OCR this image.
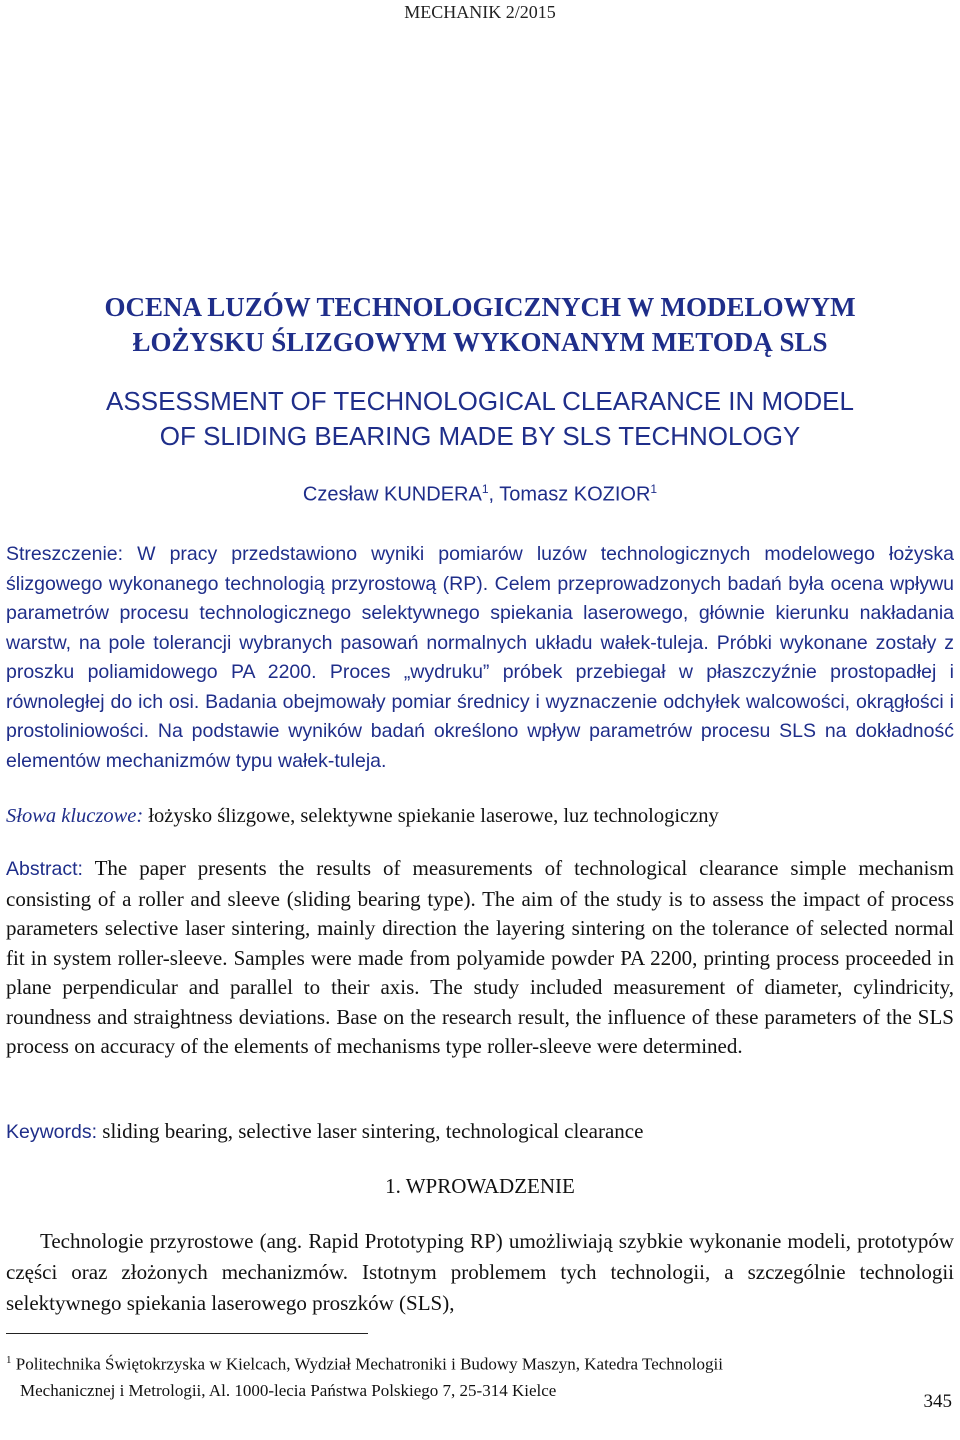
MECHANIK 2/2015
OCENA LUZÓW TECHNOLOGICZNYCH W MODELOWYM
ŁOŻYSKU ŚLIZGOWYM WYKONANYM METODĄ SLS
ASSESSMENT OF TECHNOLOGICAL CLEARANCE IN MODEL
OF SLIDING BEARING MADE BY SLS TECHNOLOGY
Czesław KUNDERA$^1$, Tomasz KOZIOR$^1$
Streszczenie: W pracy przedstawiono wyniki pomiarów luzów technologicznych modelowego łożyska ślizgowego wykonanego technologią przyrostową (RP). Celem przeprowadzonych badań była ocena wpływu parametrów procesu technologicznego selektywnego spiekania laserowego, głównie kierunku nakładania warstw, na pole tolerancji wybranych pasowań normalnych układu wałek-tuleja. Próbki wykonane zostały z proszku poliamidowego PA 2200. Proces „wydruku” próbek przebiegał w płaszczyźnie prostopadłej i równoległej do ich osi. Badania obejmowały pomiar średnicy i wyznaczenie odchyłek walcowości, okrągłości i prostoliniowości. Na podstawie wyników badań określono wpływ parametrów procesu SLS na dokładność elementów mechanizmów typu wałek-tuleja.
Słowa kluczowe: łożysko ślizgowe, selektywne spiekanie laserowe, luz technologiczny
Abstract: The paper presents the results of measurements of technological clearance simple mechanism consisting of a roller and sleeve (sliding bearing type). The aim of the study is to assess the impact of process parameters selective laser sintering, mainly direction the layering sintering on the tolerance of selected normal fit in system roller-sleeve. Samples were made from polyamide powder PA 2200, printing process proceeded in plane perpendicular and parallel to their axis. The study included measurement of diameter, cylindricity, roundness and straightness deviations. Base on the research result, the influence of these parameters of the SLS process on accuracy of the elements of mechanisms type roller-sleeve were determined.
Keywords: sliding bearing, selective laser sintering, technological clearance
1. WPROWADZENIE
Technologie przyrostowe (ang. Rapid Prototyping RP) umożliwiają szybkie wykonanie modeli, prototypów części oraz złożonych mechanizmów. Istotnym problemem tych technologii, a szczególnie technologii selektywnego spiekania laserowego proszków (SLS),
$^1$ Politechnika Świętokrzyska w Kielcach, Wydział Mechatroniki i Budowy Maszyn, Katedra Technologii
Mechanicznej i Metrologii, Al. 1000-lecia Państwa Polskiego 7, 25-314 Kielce
345
